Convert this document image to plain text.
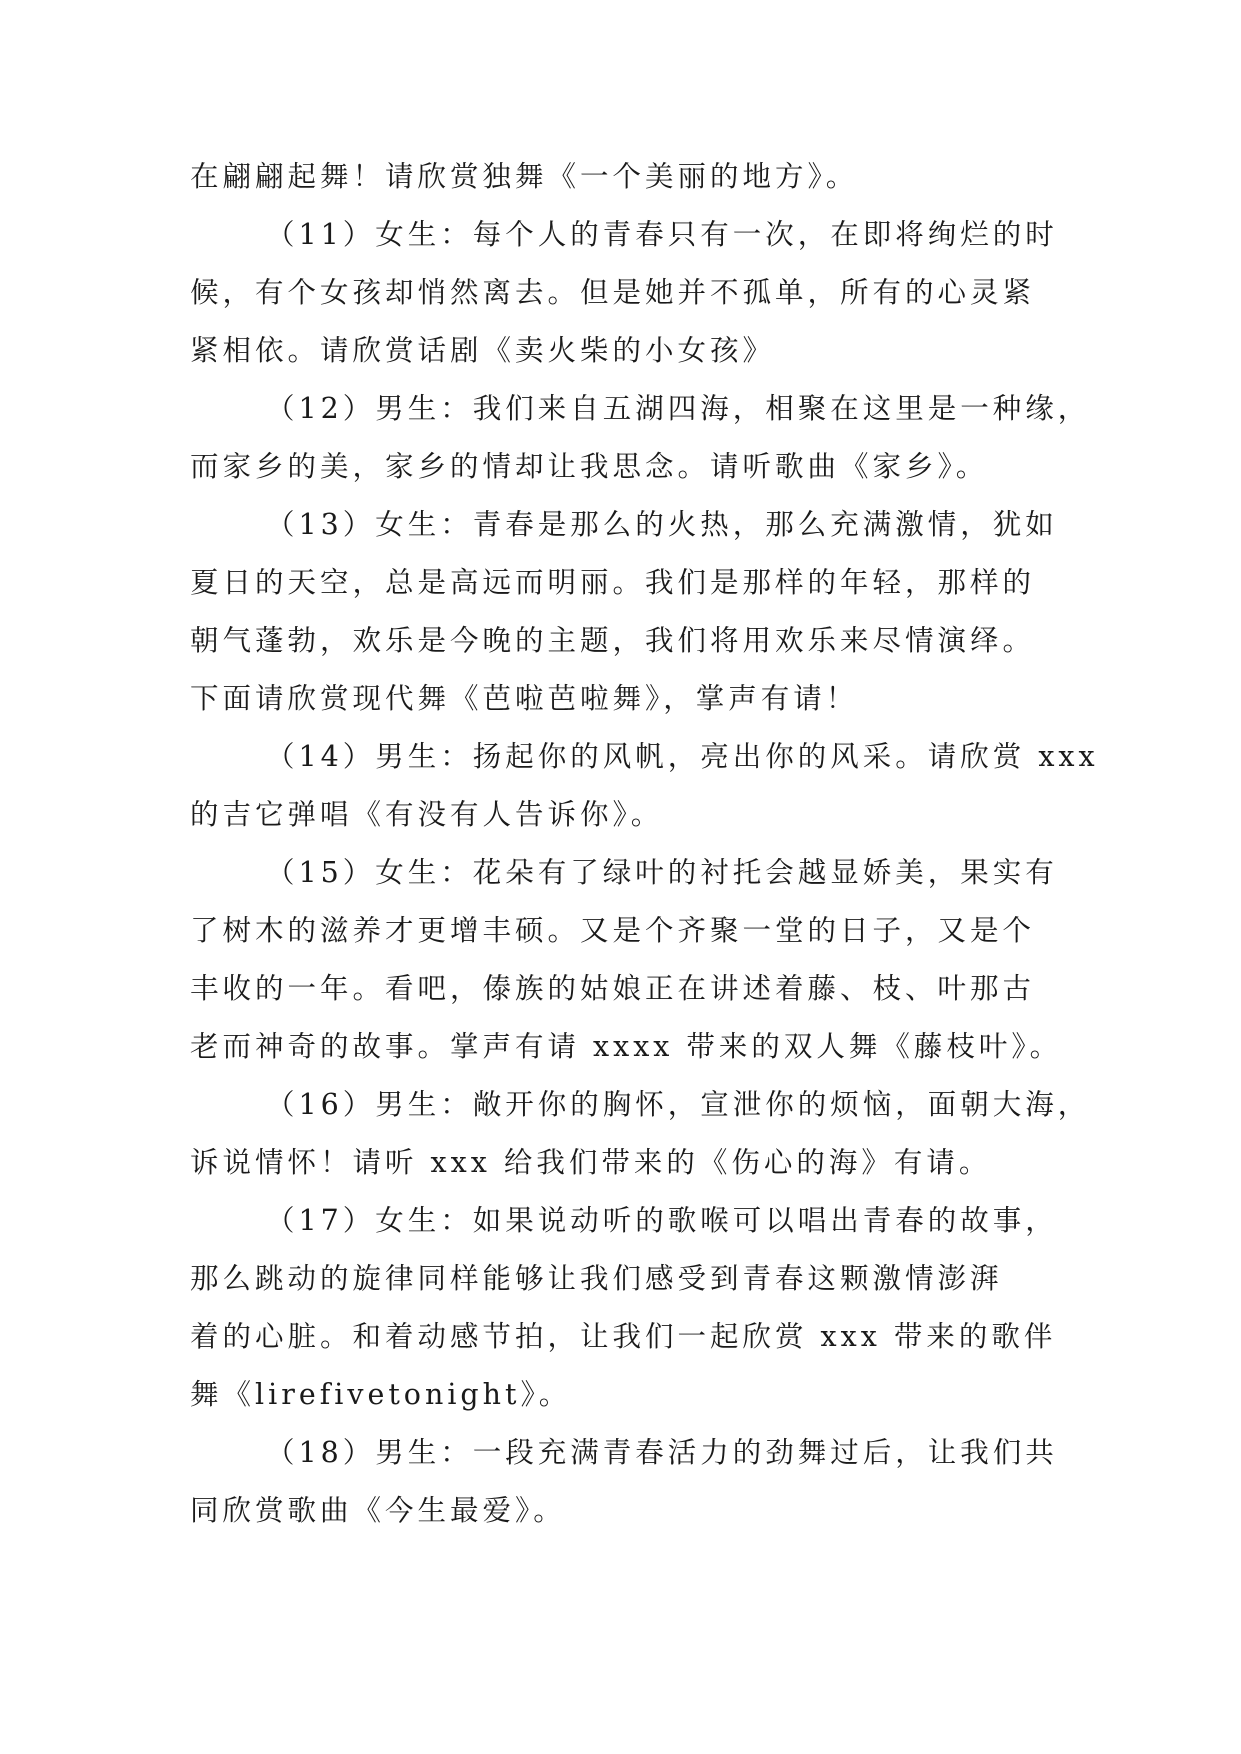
在翩翩起舞！请欣赏独舞《一个美丽的地方》。

（11）女生：每个人的青春只有一次，在即将绚烂的时
候，有个女孩却悄然离去。但是她并不孤单，所有的心灵紧
紧相依。请欣赏话剧《卖火柴的小女孩》

（12）男生：我们来自五湖四海，相聚在这里是一种缘，
而家乡的美，家乡的情却让我思念。请听歌曲《家乡》。

（13）女生：青春是那么的火热，那么充满激情，犹如
夏日的天空，总是高远而明丽。我们是那样的年轻，那样的
朝气蓬勃，欢乐是今晚的主题，我们将用欢乐来尽情演绎。
下面请欣赏现代舞《芭啦芭啦舞》，掌声有请！

（14）男生：扬起你的风帆，亮出你的风采。请欣赏 xxx
的吉它弹唱《有没有人告诉你》。

（15）女生：花朵有了绿叶的衬托会越显娇美，果实有
了树木的滋养才更增丰硕。又是个齐聚一堂的日子，又是个
丰收的一年。看吧，傣族的姑娘正在讲述着藤、枝、叶那古
老而神奇的故事。掌声有请 xxxx 带来的双人舞《藤枝叶》。

（16）男生：敞开你的胸怀，宣泄你的烦恼，面朝大海，
诉说情怀！请听 xxx 给我们带来的《伤心的海》有请。

（17）女生：如果说动听的歌喉可以唱出青春的故事，
那么跳动的旋律同样能够让我们感受到青春这颗激情澎湃
着的心脏。和着动感节拍，让我们一起欣赏 xxx 带来的歌伴
舞《lirefivetonight》。

（18）男生：一段充满青春活力的劲舞过后，让我们共
同欣赏歌曲《今生最爱》。
